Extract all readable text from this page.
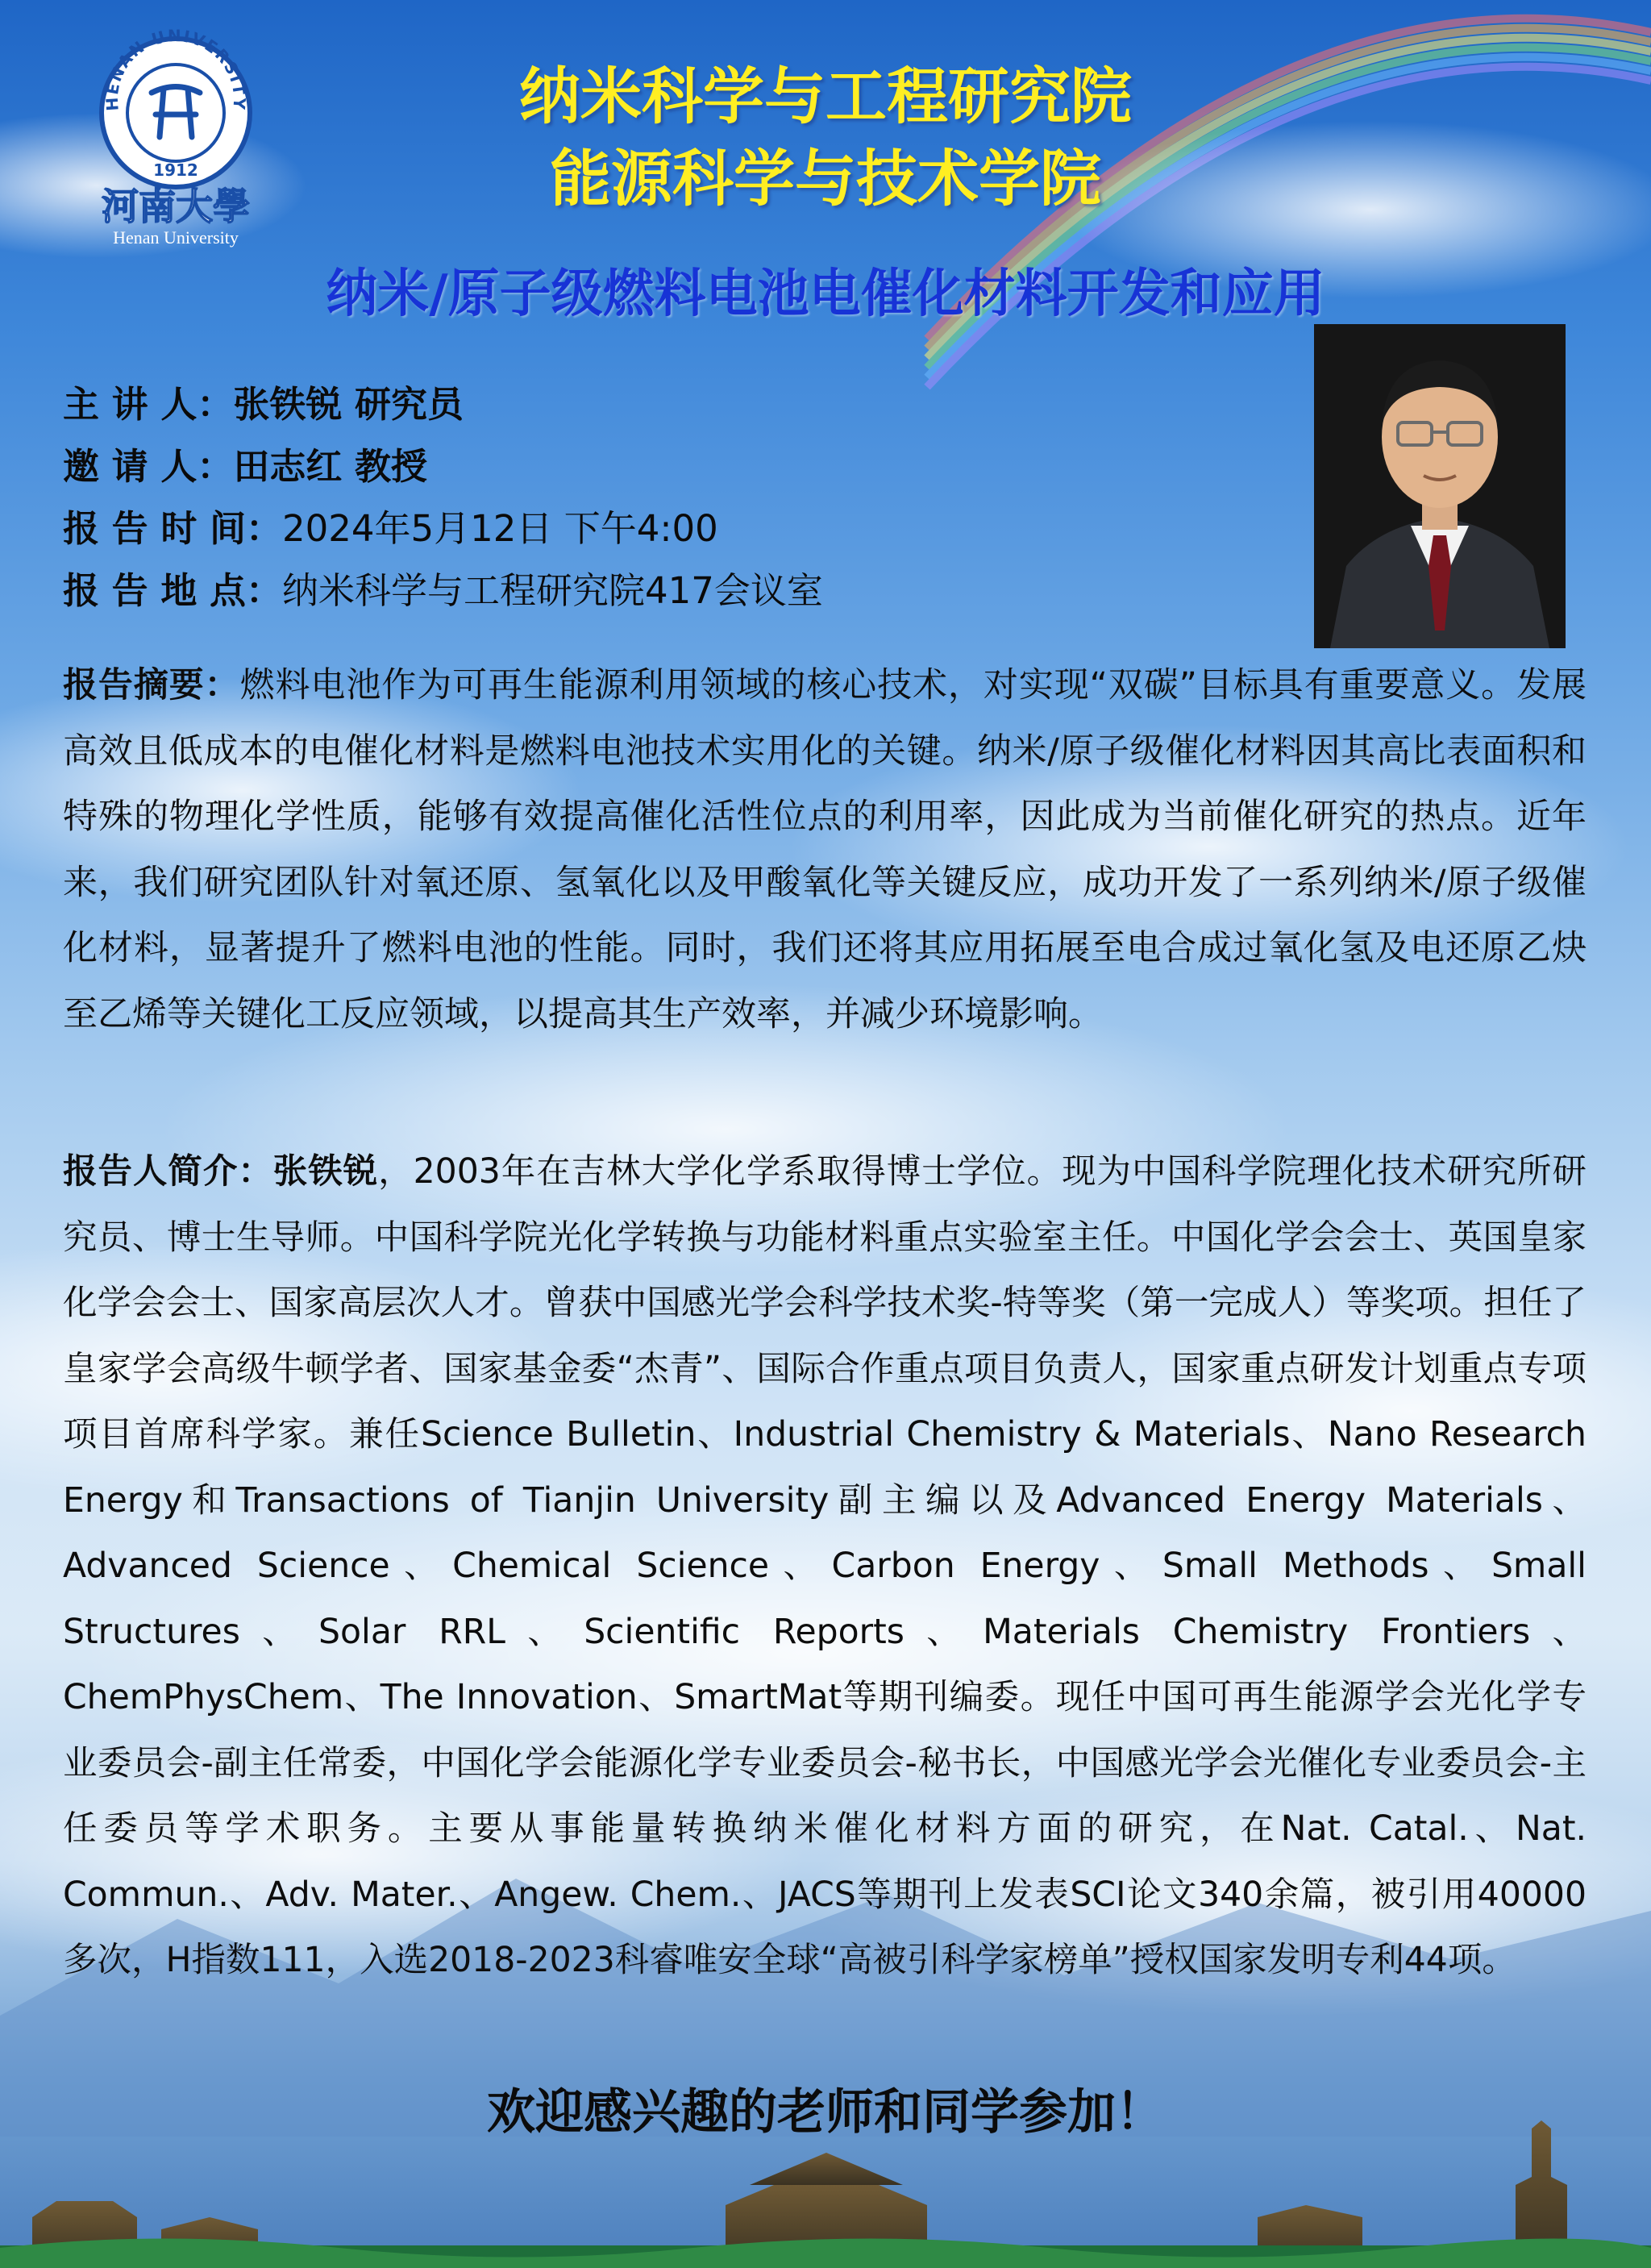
HENAN UNIVERSITY
1912
河南大學
Henan University
纳米科学与工程研究院
能源科学与技术学院
纳米/原子级燃料电池电催化材料开发和应用
主 讲 人：张铁锐 研究员
邀 请 人：田志红 教授
报 告 时 间：2024年5月12日 下午4:00
报 告 地 点：纳米科学与工程研究院417会议室
报告摘要：燃料电池作为可再生能源利用领域的核心技术，对实现“双碳”目标具有重要意义。发展高效且低成本的电催化材料是燃料电池技术实用化的关键。纳米/原子级催化材料因其高比表面积和特殊的物理化学性质，能够有效提高催化活性位点的利用率，因此成为当前催化研究的热点。近年来，我们研究团队针对氧还原、氢氧化以及甲酸氧化等关键反应，成功开发了一系列纳米/原子级催化材料，显著提升了燃料电池的性能。同时，我们还将其应用拓展至电合成过氧化氢及电还原乙炔至乙烯等关键化工反应领域，以提高其生产效率，并减少环境影响。
报告人简介：张铁锐，2003年在吉林大学化学系取得博士学位。现为中国科学院理化技术研究所研究员、博士生导师。中国科学院光化学转换与功能材料重点实验室主任。中国化学会会士、英国皇家化学会会士、国家高层次人才。曾获中国感光学会科学技术奖-特等奖（第一完成人）等奖项。担任了皇家学会高级牛顿学者、国家基金委“杰青”、国际合作重点项目负责人，国家重点研发计划重点专项项目首席科学家。兼任Science Bulletin、Industrial Chemistry & Materials、Nano Research Energy和Transactions of Tianjin University副主编以及Advanced Energy Materials、Advanced Science、Chemical Science、Carbon Energy、Small Methods、Small Structures、Solar RRL、Scientific Reports、Materials Chemistry Frontiers、ChemPhysChem、The Innovation、SmartMat等期刊编委。现任中国可再生能源学会光化学专业委员会-副主任常委，中国化学会能源化学专业委员会-秘书长，中国感光学会光催化专业委员会-主任委员等学术职务。主要从事能量转换纳米催化材料方面的研究，在Nat. Catal.、Nat. Commun.、Adv. Mater.、Angew. Chem.、JACS等期刊上发表SCI论文340余篇，被引用40000多次，H指数111，入选2018-2023科睿唯安全球“高被引科学家榜单”授权国家发明专利44项。
欢迎感兴趣的老师和同学参加！
